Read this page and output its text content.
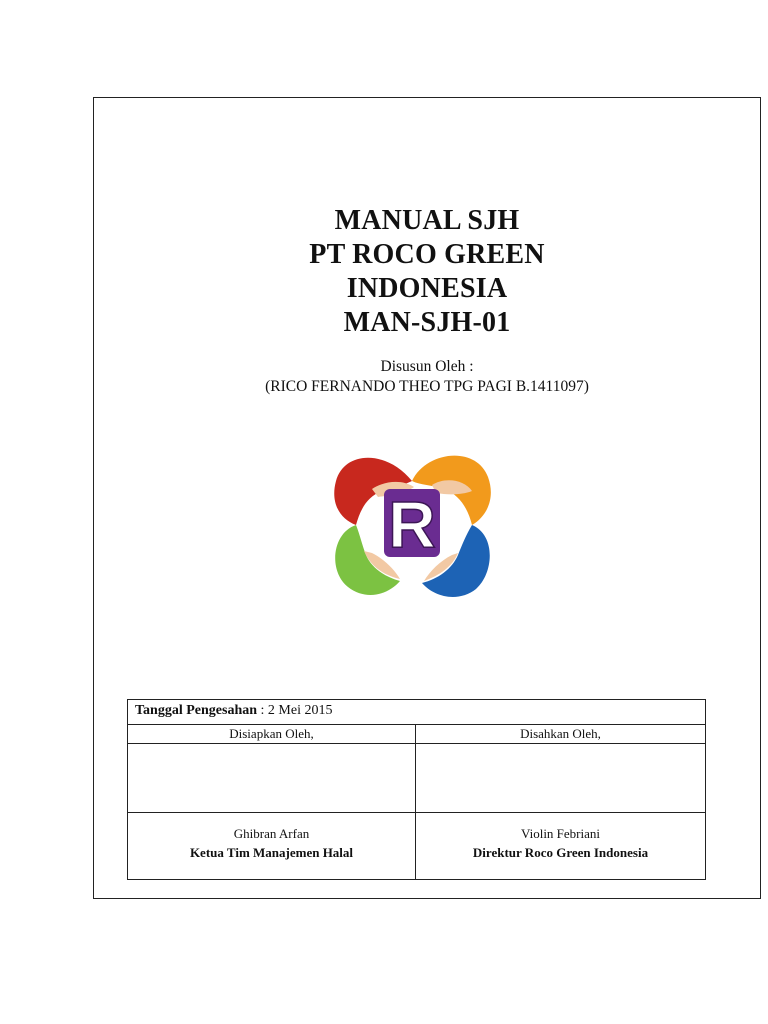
MANUAL SJH
PT ROCO GREEN
INDONESIA
MAN-SJH-01
Disusun Oleh :
(RICO FERNANDO THEO TPG PAGI B.1411097)
R
Tanggal Pengesahan : 2 Mei 2015
Disiapkan Oleh,	Disahkan Oleh,
Ghibran Arfan
Ketua Tim Manajemen Halal
Violin Febriani
Direktur Roco Green Indonesia
